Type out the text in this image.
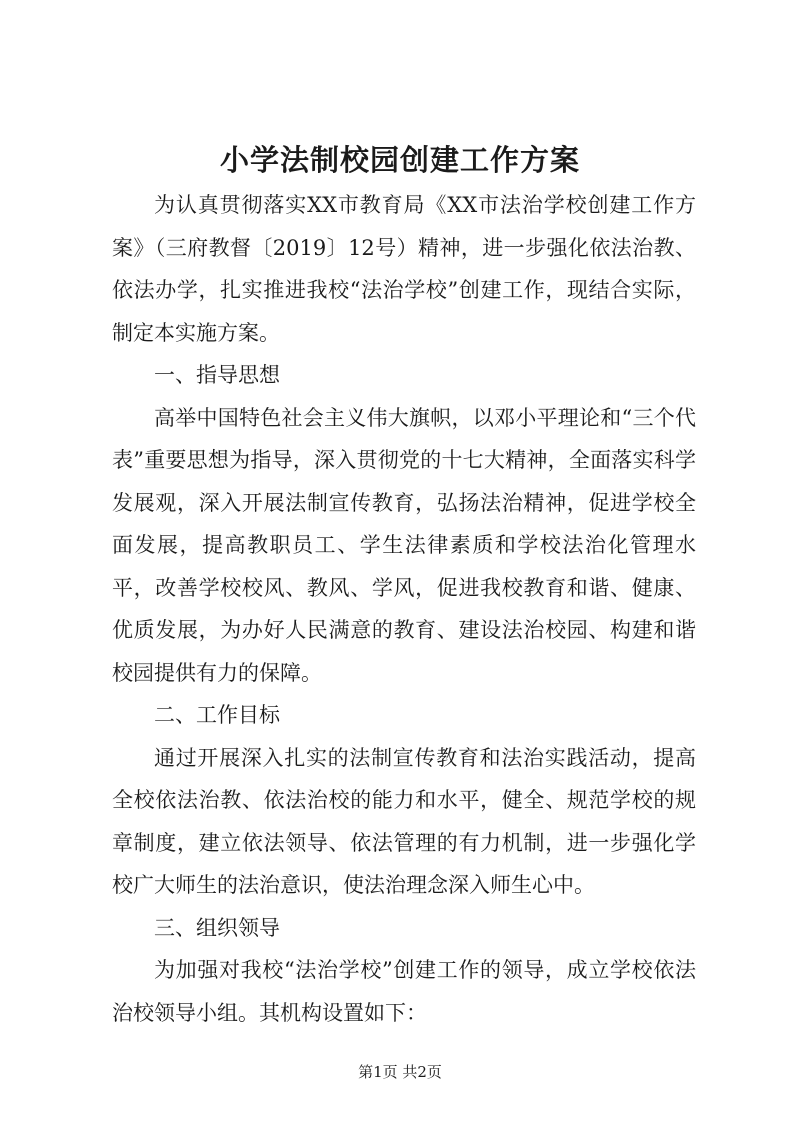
小学法制校园创建工作方案

为认真贯彻落实XX市教育局《XX市法治学校创建工作方案》（三府教督〔2019〕12号）精神，进一步强化依法治教、依法办学，扎实推进我校“法治学校”创建工作，现结合实际，制定本实施方案。

一、指导思想

高举中国特色社会主义伟大旗帜，以邓小平理论和“三个代表”重要思想为指导，深入贯彻党的十七大精神，全面落实科学发展观，深入开展法制宣传教育，弘扬法治精神，促进学校全面发展，提高教职员工、学生法律素质和学校法治化管理水平，改善学校校风、教风、学风，促进我校教育和谐、健康、优质发展，为办好人民满意的教育、建设法治校园、构建和谐校园提供有力的保障。

二、工作目标

通过开展深入扎实的法制宣传教育和法治实践活动，提高全校依法治教、依法治校的能力和水平，健全、规范学校的规章制度，建立依法领导、依法管理的有力机制，进一步强化学校广大师生的法治意识，使法治理念深入师生心中。

三、组织领导

为加强对我校“法治学校”创建工作的领导，成立学校依法治校领导小组。其机构设置如下：

第1页 共2页
